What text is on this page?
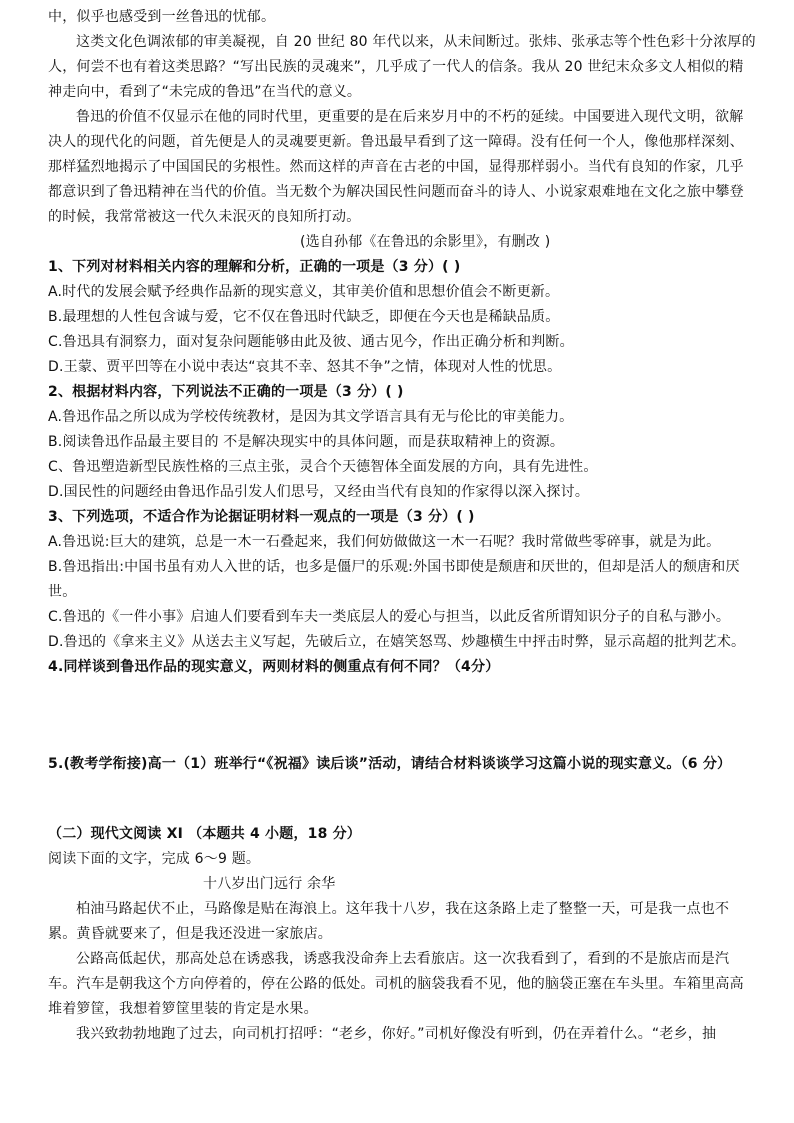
中，似乎也感受到一丝鲁迅的忧郁。
这类文化色调浓郁的审美凝视，自 20 世纪 80 年代以来，从未间断过。张炜、张承志等个性色彩十分浓厚的
人，何尝不也有着这类思路？“写出民族的灵魂来”，几乎成了一代人的信条。我从 20 世纪末众多文人相似的精
神走向中，看到了“未完成的鲁迅”在当代的意义。
鲁迅的价值不仅显示在他的同时代里，更重要的是在后来岁月中的不朽的延续。中国要进入现代文明，欲解
决人的现代化的问题，首先便是人的灵魂要更新。鲁迅最早看到了这一障碍。没有任何一个人，像他那样深刻、
那样猛烈地揭示了中国国民的劣根性。然而这样的声音在古老的中国，显得那样弱小。当代有良知的作家，几乎
都意识到了鲁迅精神在当代的价值。当无数个为解决国民性问题而奋斗的诗人、小说家艰难地在文化之旅中攀登
的时候，我常常被这一代久未泯灭的良知所打动。
(选自孙郁《在鲁迅的余影里》，有删改 )
1、下列对材料相关内容的理解和分析，正确的一项是（3 分）( )
A.时代的发展会赋予经典作品新的现实意义，其审美价值和思想价值会不断更新。
B.最理想的人性包含诚与爱，它不仅在鲁迅时代缺乏，即便在今天也是稀缺品质。
C.鲁迅具有洞察力，面对复杂问题能够由此及彼、通古见今，作出正确分析和判断。
D.王蒙、贾平凹等在小说中表达“哀其不幸、怒其不争”之情，体现对人性的忧思。
2、根据材料内容，下列说法不正确的一项是（3 分）( )
A.鲁迅作品之所以成为学校传统教材，是因为其文学语言具有无与伦比的审美能力。
B.阅读鲁迅作品最主要目的 不是解决现实中的具体问题，而是获取精神上的资源。
C、鲁迅塑造新型民族性格的三点主张，灵合个天德智体全面发展的方向，具有先进性。
D.国民性的问题经由鲁迅作品引发人们思号，又经由当代有良知的作家得以深入探讨。
3、下列选项，不适合作为论据证明材料一观点的一项是（3 分）( )
A.鲁迅说:巨大的建筑，总是一木一石叠起来，我们何妨做做这一木一石呢？我时常做些零碎事，就是为此。
B.鲁迅指出:中国书虽有劝人入世的话，也多是僵尸的乐观:外国书即使是颓唐和厌世的，但却是活人的颓唐和厌
世。
C.鲁迅的《一件小事》启迪人们要看到车夫一类底层人的爱心与担当，以此反省所谓知识分子的自私与渺小。
D.鲁迅的《拿来主义》从送去主义写起，先破后立，在嬉笑怒骂、炒趣横生中抨击时弊，显示高超的批判艺术。
4.同样谈到鲁迅作品的现实意义，两则材料的侧重点有何不同？（4分）
5.(教考学衔接)高一（1）班举行“《祝福》读后谈”活动，请结合材料谈谈学习这篇小说的现实意义。（6 分）
（二）现代文阅读 XI （本题共 4 小题，18 分）
阅读下面的文字，完成 6～9 题。
十八岁出门远行 余华
柏油马路起伏不止，马路像是贴在海浪上。这年我十八岁，我在这条路上走了整整一天，可是我一点也不
累。黄昏就要来了，但是我还没进一家旅店。
公路高低起伏，那高处总在诱惑我，诱惑我没命奔上去看旅店。这一次我看到了，看到的不是旅店而是汽
车。汽车是朝我这个方向停着的，停在公路的低处。司机的脑袋我看不见，他的脑袋正塞在车头里。车箱里高高
堆着箩筐，我想着箩筐里装的肯定是水果。
我兴致勃勃地跑了过去，向司机打招呼：“老乡，你好。”司机好像没有听到，仍在弄着什么。“老乡，抽
